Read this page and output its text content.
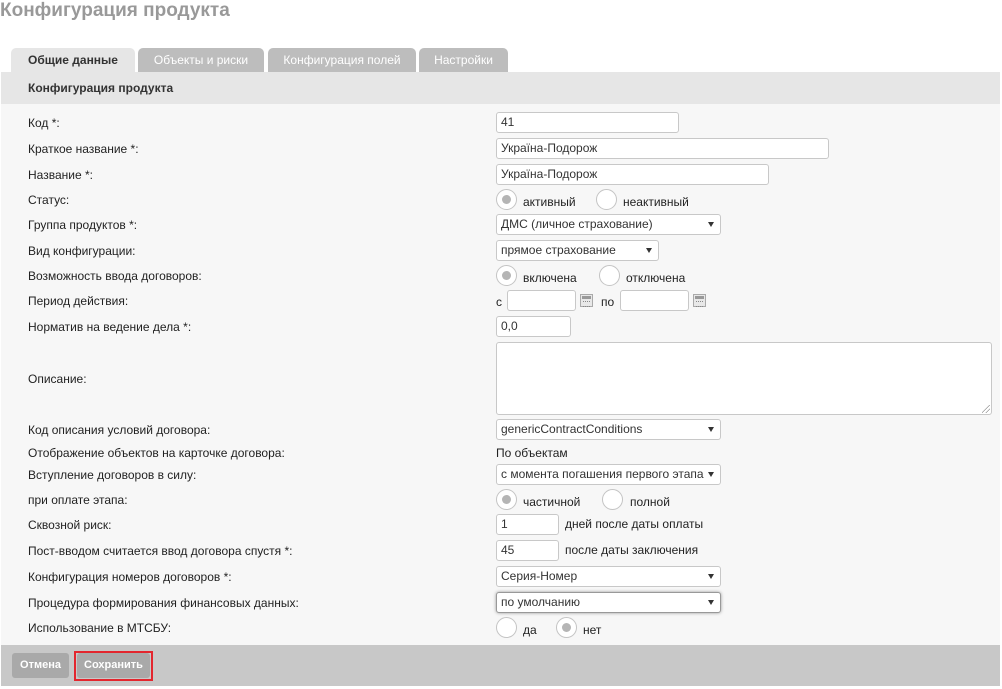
Конфигурация продукта
Общие данные	Объекты и риски	Конфигурация полей	Настройки
Конфигурация продукта
Код *:	41
Краткое название *:	Україна-Подорож
Название *:	Україна-Подорож
Статус:	активный	неактивный
Группа продуктов *:	ДМС (личное страхование)
Вид конфигурации:	прямое страхование
Возможность ввода договоров:	включена	отключена
Период действия:	с	по
Норматив на ведение дела *:	0,0
Описание:
Код описания условий договора:	genericContractConditions
Отображение объектов на карточке договора:	По объектам
Вступление договоров в силу:	с момента погашения первого этапа
при оплате этапа:	частичной	полной
Сквозной риск:	1	дней после даты оплаты
Пост-вводом считается ввод договора спустя *:	45	после даты заключения
Конфигурация номеров договоров *:	Серия-Номер
Процедура формирования финансовых данных:	по умолчанию
Использование в МТСБУ:	да	нет
Отмена	Сохранить
